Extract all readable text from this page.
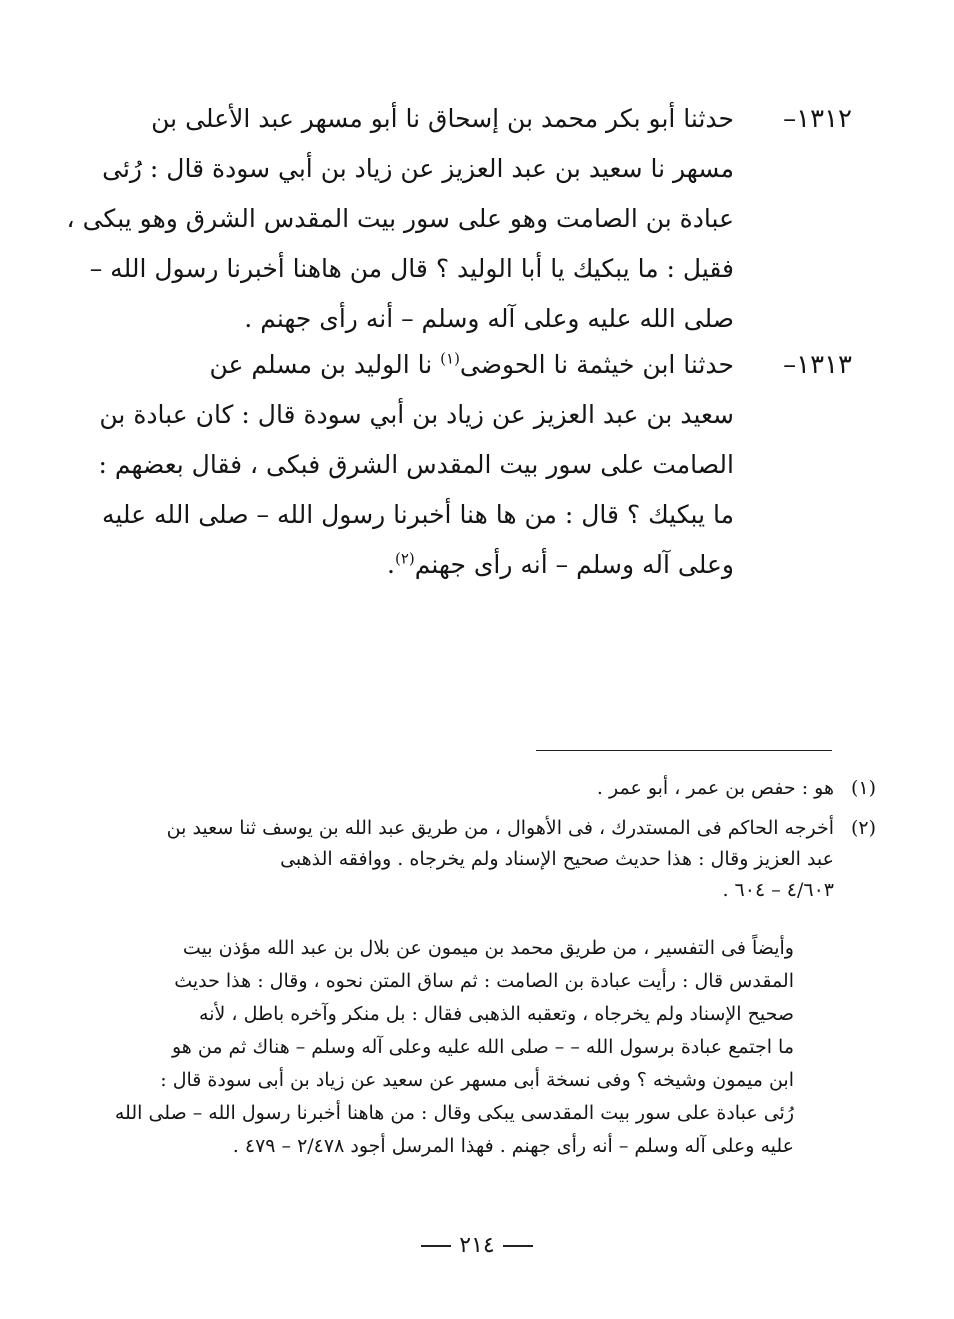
١٣١٢–
حدثنا أبو بكر محمد بن إسحاق نا أبو مسهر عبد الأعلى بن
مسهر نا سعيد بن عبد العزيز عن زياد بن أبي سودة قال : رُئى
عبادة بن الصامت وهو على سور بيت المقدس الشرق وهو يبكى ،
فقيل : ما يبكيك يا أبا الوليد ؟ قال من هاهنا أخبرنا رسول الله –
صلى الله عليه وعلى آله وسلم – أنه رأى جهنم .
١٣١٣–
حدثنا ابن خيثمة نا الحوضى$^{(١)}$ نا الوليد بن مسلم عن
سعيد بن عبد العزيز عن زياد بن أبي سودة قال : كان عبادة بن
الصامت على سور بيت المقدس الشرق فبكى ، فقال بعضهم :
ما يبكيك ؟ قال : من ها هنا أخبرنا رسول الله – صلى الله عليه
وعلى آله وسلم – أنه رأى جهنم$^{(٢)}$.
(١)
هو : حفص بن عمر ، أبو عمر .
(٢)
أخرجه الحاكم فى المستدرك ، فى الأهوال ، من طريق عبد الله بن يوسف ثنا سعيد بن
عبد العزيز وقال : هذا حديث صحيح الإسناد ولم يخرجاه . ووافقه الذهبى
٤/٦٠٣ – ٦٠٤ .
وأيضاً فى التفسير ، من طريق محمد بن ميمون عن بلال بن عبد الله مؤذن بيت
المقدس قال : رأيت عبادة بن الصامت : ثم ساق المتن نحوه ، وقال : هذا حديث
صحيح الإسناد ولم يخرجاه ، وتعقبه الذهبى فقال : بل منكر وآخره باطل ، لأنه
ما اجتمع عبادة برسول الله – – صلى الله عليه وعلى آله وسلم – هناك ثم من هو
ابن ميمون وشيخه ؟ وفى نسخة أبى مسهر عن سعيد عن زياد بن أبى سودة قال :
رُئى عبادة على سور بيت المقدسى يبكى وقال : من هاهنا أخبرنا رسول الله – صلى الله
عليه وعلى آله وسلم – أنه رأى جهنم . فهذا المرسل أجود ٢/٤٧٨ – ٤٧٩ .
٢١٤
